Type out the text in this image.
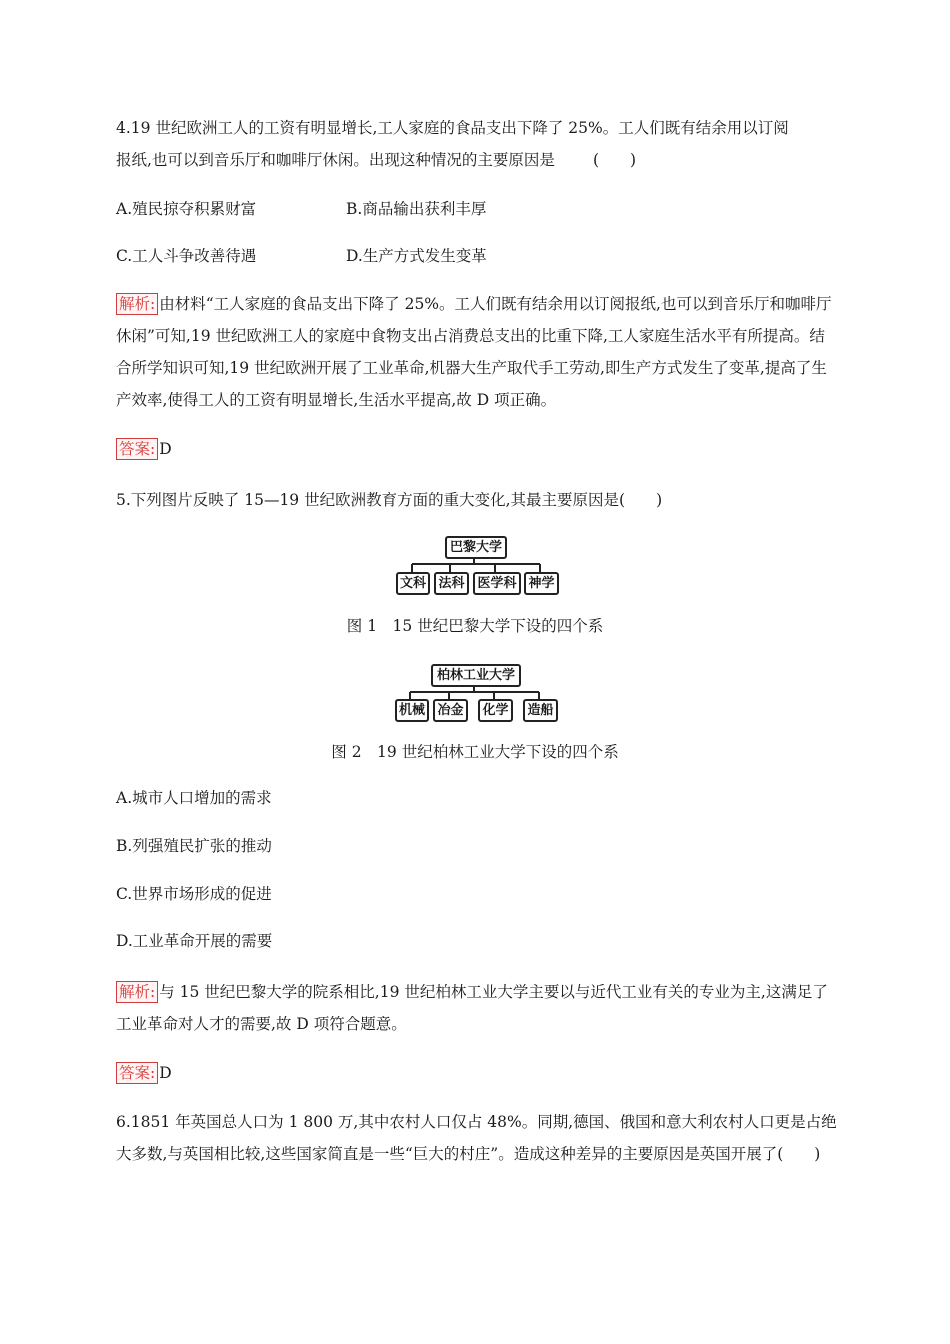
4.19 世纪欧洲工人的工资有明显增长,工人家庭的食品支出下降了 25%。工人们既有结余用以订阅
报纸,也可以到音乐厅和咖啡厅休闲。出现这种情况的主要原因是 (　　)
A.殖民掠夺积累财富	B.商品输出获利丰厚
C.工人斗争改善待遇	D.生产方式发生变革
解析: 由材料“工人家庭的食品支出下降了 25%。工人们既有结余用以订阅报纸,也可以到音乐厅和咖啡厅休闲”可知,19 世纪欧洲工人的家庭中食物支出占消费总支出的比重下降,工人家庭生活水平有所提高。结合所学知识可知,19 世纪欧洲开展了工业革命,机器大生产取代手工劳动,即生产方式发生了变革,提高了生产效率,使得工人的工资有明显增长,生活水平提高,故 D 项正确。
答案: D
5.下列图片反映了 15—19 世纪欧洲教育方面的重大变化,其最主要原因是(　　)
巴黎大学
文科 法科 医学科 神学
图 1　15 世纪巴黎大学下设的四个系
柏林工业大学
机械 冶金	化学	造船
图 2　19 世纪柏林工业大学下设的四个系
A.城市人口增加的需求
B.列强殖民扩张的推动
C.世界市场形成的促进
D.工业革命开展的需要
解析: 与 15 世纪巴黎大学的院系相比,19 世纪柏林工业大学主要以与近代工业有关的专业为主,这满足了工业革命对人才的需要,故 D 项符合题意。
答案: D
6.1851 年英国总人口为 1 800 万,其中农村人口仅占 48%。同期,德国、俄国和意大利农村人口更是占绝大多数,与英国相比较,这些国家简直是一些“巨大的村庄”。造成这种差异的主要原因是英国开展了(　　)
